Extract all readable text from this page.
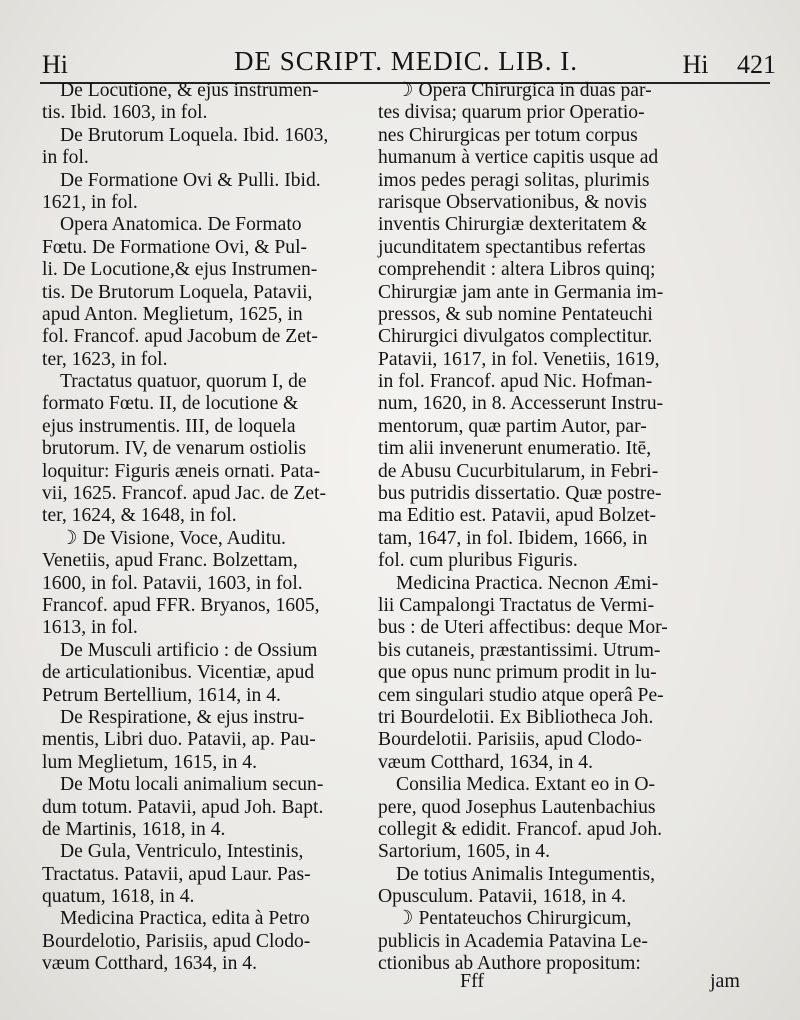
Hi	DE SCRIPT. MEDIC. LIB. I.	Hi 421
De Locutione, & ejus instrumen-
tis. Ibid. 1603, in fol.
De Brutorum Loquela. Ibid. 1603,
in fol.
De Formatione Ovi & Pulli. Ibid.
1621, in fol.
Opera Anatomica. De Formato
Fœtu. De Formatione Ovi, & Pul-
li. De Locutione,& ejus Instrumen-
tis. De Brutorum Loquela, Patavii,
apud Anton. Meglietum, 1625, in
fol. Francof. apud Jacobum de Zet-
ter, 1623, in fol.
Tractatus quatuor, quorum I, de
formato Fœtu. II, de locutione &
ejus instrumentis. III, de loquela
brutorum. IV, de venarum ostiolis
loquitur: Figuris æneis ornati. Pata-
vii, 1625. Francof. apud Jac. de Zet-
ter, 1624, & 1648, in fol.
☽ De Visione, Voce, Auditu.
Venetiis, apud Franc. Bolzettam,
1600, in fol. Patavii, 1603, in fol.
Francof. apud FFR. Bryanos, 1605,
1613, in fol.
De Musculi artificio : de Ossium
de articulationibus. Vicentiæ, apud
Petrum Bertellium, 1614, in 4.
De Respiratione, & ejus instru-
mentis, Libri duo. Patavii, ap. Pau-
lum Meglietum, 1615, in 4.
De Motu locali animalium secun-
dum totum. Patavii, apud Joh. Bapt.
de Martinis, 1618, in 4.
De Gula, Ventriculo, Intestinis,
Tractatus. Patavii, apud Laur. Pas-
quatum, 1618, in 4.
Medicina Practica, edita à Petro
Bourdelotio, Parisiis, apud Clodo-
væum Cotthard, 1634, in 4.
☽ Opera Chirurgica in duas par-
tes divisa; quarum prior Operatio-
nes Chirurgicas per totum corpus
humanum à vertice capitis usque ad
imos pedes peragi solitas, plurimis
rarisque Observationibus, & novis
inventis Chirurgiæ dexteritatem &
jucunditatem spectantibus refertas
comprehendit : altera Libros quinq;
Chirurgiæ jam ante in Germania im-
pressos, & sub nomine Pentateuchi
Chirurgici divulgatos complectitur.
Patavii, 1617, in fol. Venetiis, 1619,
in fol. Francof. apud Nic. Hofman-
num, 1620, in 8. Accesserunt Instru-
mentorum, quæ partim Autor, par-
tim alii invenerunt enumeratio. Itē,
de Abusu Cucurbitularum, in Febri-
bus putridis dissertatio. Quæ postre-
ma Editio est. Patavii, apud Bolzet-
tam, 1647, in fol. Ibidem, 1666, in
fol. cum pluribus Figuris.
Medicina Practica. Necnon Æmi-
lii Campalongi Tractatus de Vermi-
bus : de Uteri affectibus: deque Mor-
bis cutaneis, præstantissimi. Utrum-
que opus nunc primum prodit in lu-
cem singulari studio atque operâ Pe-
tri Bourdelotii. Ex Bibliotheca Joh.
Bourdelotii. Parisiis, apud Clodo-
væum Cotthard, 1634, in 4.
Consilia Medica. Extant eo in O-
pere, quod Josephus Lautenbachius
collegit & edidit. Francof. apud Joh.
Sartorium, 1605, in 4.
De totius Animalis Integumentis,
Opusculum. Patavii, 1618, in 4.
☽ Pentateuchos Chirurgicum,
publicis in Academia Patavina Le-
ctionibus ab Authore propositum:
Fff	jam
